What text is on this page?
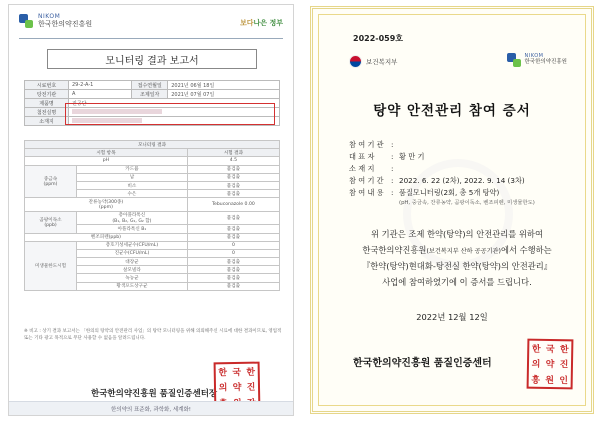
NIKOM
한국한의약진흥원	보다나은 정부
모니터링 결과 보고서
시료번호	29-2-A-1	접수연월일	2021년 06월 18일
탕전기관	A	조제일자	2021년 07월 07일
제품명	진공단		
첨전실명			
소재지			
모니터링 결과		
시험 항목		시험 결과
pH		4.5
중금속
(ppm)	카드뮴	불검출
	납	불검출
	비소	불검출
	수은	불검출
잔류농약(300종)
(ppm)		Tebuconazole 0.00
곰팡이독소
(ppb)	총아플라톡신
(B₁, B₂, G₁, G₂ 합)	불검출
	아플라톡신 B₁	불검출
벤조피렌(ppb)		불검출
미생물한도시험	총호기성세균수(CFU/mL)	0
	진균수(CFU/mL)	0
	대장균	불검출
	살모넬라	불검출
	녹농균	불검출
	황색포도상구균	불검출
※ 비고 : 상기 결과 보고서는 「한의의 탕약의 안전관리 사업」의 탕약 모니터링을 위해 의뢰해주신 시료에 대한 결과이므로, 영업적 또는 기타 광고 목적으로 무단 사용할 수 없음을 알려드립니다.
한국한의약진흥원 품질인증센터장
한 국 한
의 약 진
한의약의 표준화, 과학화, 세계화!
2022-059호
보건복지부
NIKOM
한국한의약진흥원
탕약 안전관리 참여 증서
참 여 기 관	:
대 표 자	: 황 만 기
소 재 지	:
참 여 기 간	: 2022. 6. 22 (2차), 2022. 9. 14 (3차)
참 여 내 용	: 품질모니터링(2회, 총 5개 탕약)
(pH, 중금속, 잔류농약, 곰팡이독소, 벤조피렌, 미생물한도)
위 기관은 조제 한약(탕약)의 안전관리를 위하여
한국한의약진흥원(보건복지부 산하 공공기관)에서 수행하는
『한약(탕약)현대화-탕전실 한약(탕약)의 안전관리』
사업에 참여하였기에 이 증서를 드립니다.
2022년 12월 12일
한국한의약진흥원 품질인증센터
한 국 한
의 약 진
흥 원 인
